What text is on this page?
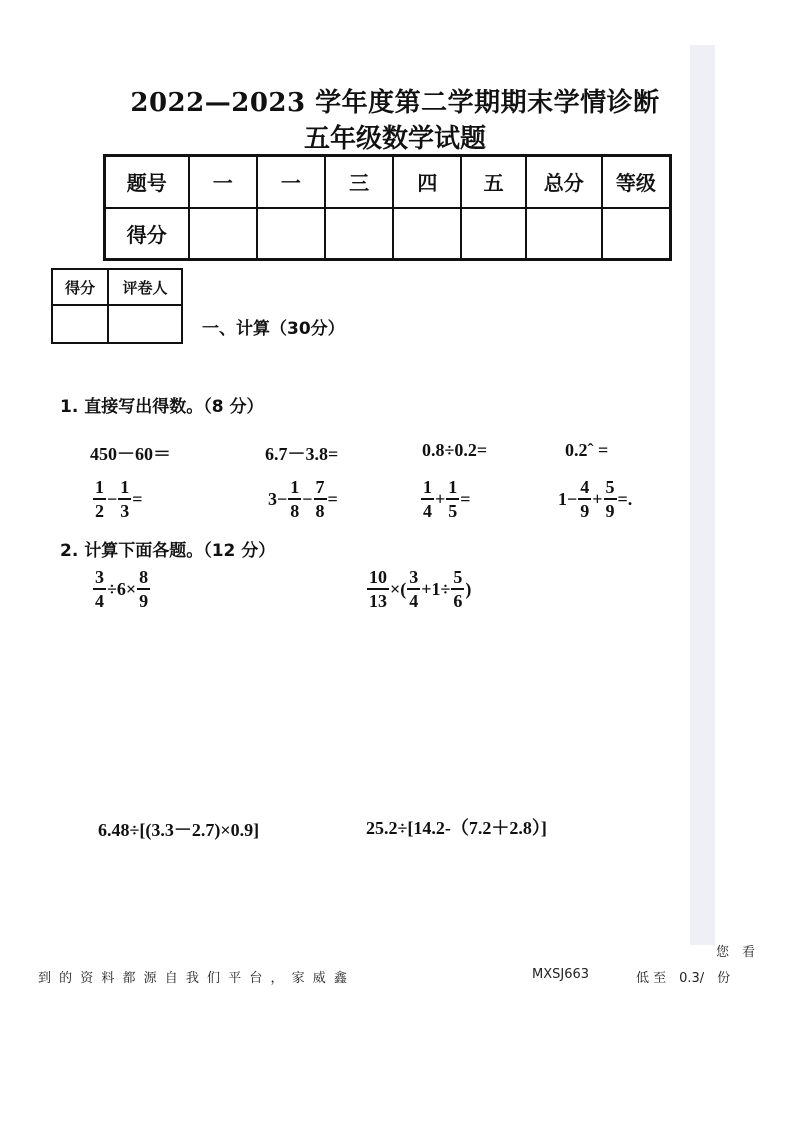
2022—2023 学年度第二学期期末学情诊断
五年级数学试题
题号	一	一	三	四	五	总分	等级
得分							
得分	评卷人

一、计算（30分）
1. 直接写出得数。（8 分）
450－60＝	6.7－3.8=	0.8÷0.2=	0.2ˆ =
$\frac{1}{2} - \frac{1}{3}$ =	$3- \frac{1}{8} - \frac{7}{8}$ =	$\frac{1}{4} + \frac{1}{5}$ =	$1- \frac{4}{9} + \frac{5}{9}$ =.
2. 计算下面各题。（12 分）
$\frac{3}{4} \div 6\times \frac{8}{9}$	$\frac{10}{13}$ ×( $\frac{3}{4} +1\div \frac{5}{6}$ )
6.48÷[(3.3－2.7)×0.9]	25.2÷[14.2-（7.2＋2.8）]
您　看
到 的 资 料 都 源 自 我 们 平 台 ， 家 威 鑫	MXSJ663	低 至　0.3/　份
